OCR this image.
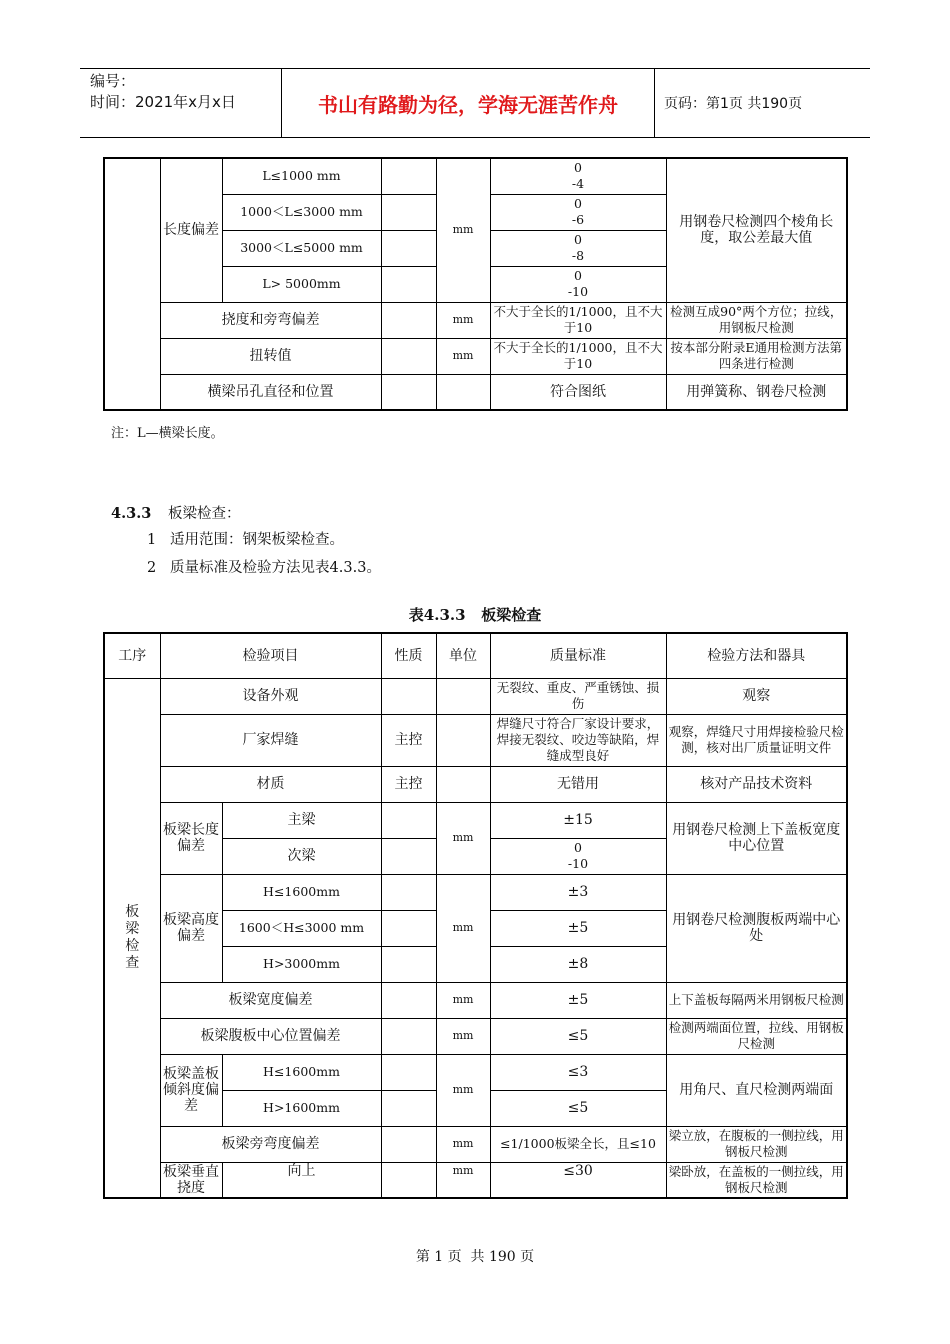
编号：
时间：2021年x月x日	书山有路勤为径，学海无涯苦作舟	页码：第1页 共190页
	长度偏差	L≤1000 mm		mm	0
-4	用钢卷尺检测四个棱角长度，取公差最大值
		1000＜L≤3000 mm			0
-6	

		3000＜L≤5000 mm			0
-8	

		L> 5000mm			0
-10	

	挠度和旁弯偏差			mm	不大于全长的1/1000，且不大于10	检测互成90°两个方位；拉线，用钢板尺检测
	扭转值			mm	不大于全长的1/1000，且不大于10	按本部分附录E通用检测方法第四条进行检测
	横梁吊孔直径和位置				符合图纸	用弹簧称、钢卷尺检测
注：L—横梁长度。
4.3.3 板梁检查：
1   适用范围：钢架板梁检查。
2   质量标准及检验方法见表4.3.3。
表4.3.3   板梁检查
工序	检验项目		性质	单位	质量标准	检验方法和器具

板梁检查	设备外观				无裂纹、重皮、严重锈蚀、损伤	观察
	厂家焊缝		主控		焊缝尺寸符合厂家设计要求，焊接无裂纹、咬边等缺陷，焊缝成型良好	观察，焊缝尺寸用焊接检验尺检测，核对出厂质量证明文件
	材质		主控		无错用	核对产品技术资料
	板梁长度偏差	主梁		mm	±15	用钢卷尺检测上下盖板宽度中心位置
		次梁			0
-10	

	板梁高度偏差	H≤1600mm		mm	±3	用钢卷尺检测腹板两端中心处
		1600＜H≤3000 mm			±5	
		H>3000mm			±8	
	板梁宽度偏差			mm	±5	上下盖板每隔两米用钢板尺检测
	板梁腹板中心位置偏差			mm	≤5	检测两端面位置，拉线、用钢板尺检测
	板梁盖板倾斜度偏差	H≤1600mm		mm	≤3	用角尺、直尺检测两端面
		H>1600mm			≤5	
	板梁旁弯度偏差			mm	≤1/1000板梁全长，且≤10	梁立放，在腹板的一侧拉线，用钢板尺检测
	板梁垂直挠度	向上		mm	≤30	梁卧放，在盖板的一侧拉线，用钢板尺检测
第 1 页  共 190 页
